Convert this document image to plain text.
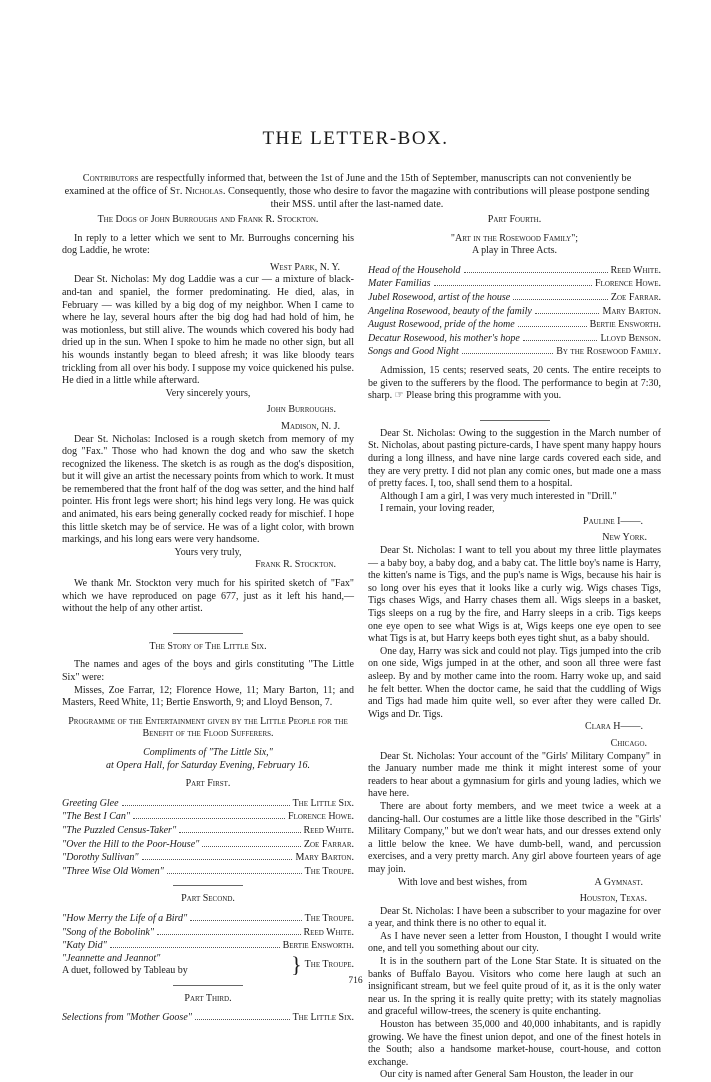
THE LETTER-BOX.
Contributors are respectfully informed that, between the 1st of June and the 15th of September, manuscripts can not conveniently be examined at the office of St. Nicholas. Consequently, those who desire to favor the magazine with contributions will please postpone sending their MSS. until after the last-named date.
The Dogs of John Burroughs and Frank R. Stockton.

In reply to a letter which we sent to Mr. Burroughs concerning his dog Laddie, he wrote:

West Park, N. Y.

Dear St. Nicholas: My dog Laddie was a cur — a mixture of black-and-tan and spaniel, the former predominating. He died, alas, in February — was killed by a big dog of my neighbor. When I came to where he lay, several hours after the big dog had had hold of him, he was motionless, but still alive. The wounds which covered his body had dried up in the sun. When I spoke to him he made no other sign, but all his wounds instantly began to bleed afresh; it was like bloody tears trickling from all over his body. I suppose my voice quickened his pulse. He died in a little while afterward.

Very sincerely yours,
John Burroughs.
Madison, N. J.

Dear St. Nicholas: Inclosed is a rough sketch from memory of my dog "Fax." Those who had known the dog and who saw the sketch recognized the likeness. The sketch is as rough as the dog's disposition, but it will give an artist the necessary points from which to work. It must be remembered that the front half of the dog was setter, and the hind half pointer. His front legs were short; his hind legs very long. He was quick and animated, his ears being generally cocked ready for mischief. I hope this little sketch may be of service. He was of a light color, with brown markings, and his long ears were very handsome.

Yours very truly,
Frank R. Stockton.

We thank Mr. Stockton very much for his spirited sketch of "Fax" which we have reproduced on page 677, just as it left his hand,— without the help of any other artist.

The Story of The Little Six.

The names and ages of the boys and girls constituting "The Little Six" were:

Misses, Zoe Farrar, 12; Florence Howe, 11; Mary Barton, 11; and Masters, Reed White, 11; Bertie Ensworth, 9; and Lloyd Benson, 7.

Programme of the Entertainment given by the Little People for the Benefit of the Flood Sufferers.

Compliments of "The Little Six,"
at Opera Hall, for Saturday Evening, February 16.
Part First.
Greeting Glee	The Little Six.
"The Best I Can"	Florence Howe.
"The Puzzled Census-Taker"	Reed White.
"Over the Hill to the Poor-House"	Zoe Farrar.
"Dorothy Sullivan"	Mary Barton.
"Three Wise Old Women"	The Troupe.
Part Second.
"How Merry the Life of a Bird"	The Troupe.
"Song of the Bobolink"	Reed White.
"Katy Did"	Bertie Ensworth.
"Jeannette and Jeannot"
A duet, followed by Tableau by	} The Troupe.
Part Third.
Selections from "Mother Goose"	The Little Six.
Part Fourth.
"Art in the Rosewood Family";
A play in Three Acts.
Head of the Household	Reed White.
Mater Familias	Florence Howe.
Jubel Rosewood, artist of the house	Zoe Farrar.
Angelina Rosewood, beauty of the family	Mary Barton.
August Rosewood, pride of the home	Bertie Ensworth.
Decatur Rosewood, his mother's hope	Lloyd Benson.
Songs and Good Night	By the Rosewood Family.

Admission, 15 cents; reserved seats, 20 cents. The entire receipts to be given to the sufferers by the flood. The performance to begin at 7:30, sharp. ☞ Please bring this programme with you.

Dear St. Nicholas: Owing to the suggestion in the March number of St. Nicholas, about pasting picture-cards, I have spent many happy hours during a long illness, and have nine large cards covered each side, and they are very pretty. I did not plan any comic ones, but made one a mass of pretty faces. I, too, shall send them to a hospital.

Although I am a girl, I was very much interested in "Drill."

I remain, your loving reader,

Pauline I——.
New York.

Dear St. Nicholas: I want to tell you about my three little playmates — a baby boy, a baby dog, and a baby cat. The little boy's name is Harry, the kitten's name is Tigs, and the pup's name is Wigs, because his hair is so long over his eyes that it looks like a curly wig. Wigs chases Tigs, Tigs chases Wigs, and Harry chases them all. Wigs sleeps in a basket, Tigs sleeps on a rug by the fire, and Harry sleeps in a crib. Tigs keeps one eye open to see what Wigs is at, Wigs keeps one eye open to see what Tigs is at, but Harry keeps both eyes tight shut, as a baby should.

One day, Harry was sick and could not play. Tigs jumped into the crib on one side, Wigs jumped in at the other, and soon all three were fast asleep. By and by mother came into the room. Harry woke up, and said he felt better. When the doctor came, he said that the cuddling of Wigs and Tigs had made him quite well, so ever after they were called Dr. Wigs and Dr. Tigs.

Clara H——.
Chicago.

Dear St. Nicholas: Your account of the "Girls' Military Company" in the January number made me think it might interest some of your readers to hear about a gymnasium for girls and young ladies, which we have here.

There are about forty members, and we meet twice a week at a dancing-hall. Our costumes are a little like those described in the "Girls' Military Company," but we don't wear hats, and our dresses extend only a little below the knee. We have dumb-bell, wand, and percussion exercises, and a very pretty march. Any girl above fourteen years of age may join.

With love and best wishes, from	A Gymnast.
Houston, Texas.

Dear St. Nicholas: I have been a subscriber to your magazine for over a year, and think there is no other to equal it.

As I have never seen a letter from Houston, I thought I would write one, and tell you something about our city.

It is in the southern part of the Lone Star State. It is situated on the banks of Buffalo Bayou. Visitors who come here laugh at such an insignificant stream, but we feel quite proud of it, as it is the only water near us. In the spring it is really quite pretty; with its stately magnolias and graceful willow-trees, the scenery is quite enchanting.

Houston has between 35,000 and 40,000 inhabitants, and is rapidly growing. We have the finest union depot, and one of the finest hotels in the South; also a handsome market-house, court-house, and cotton exchange.

Our city is named after General Sam Houston, the leader in our

716
